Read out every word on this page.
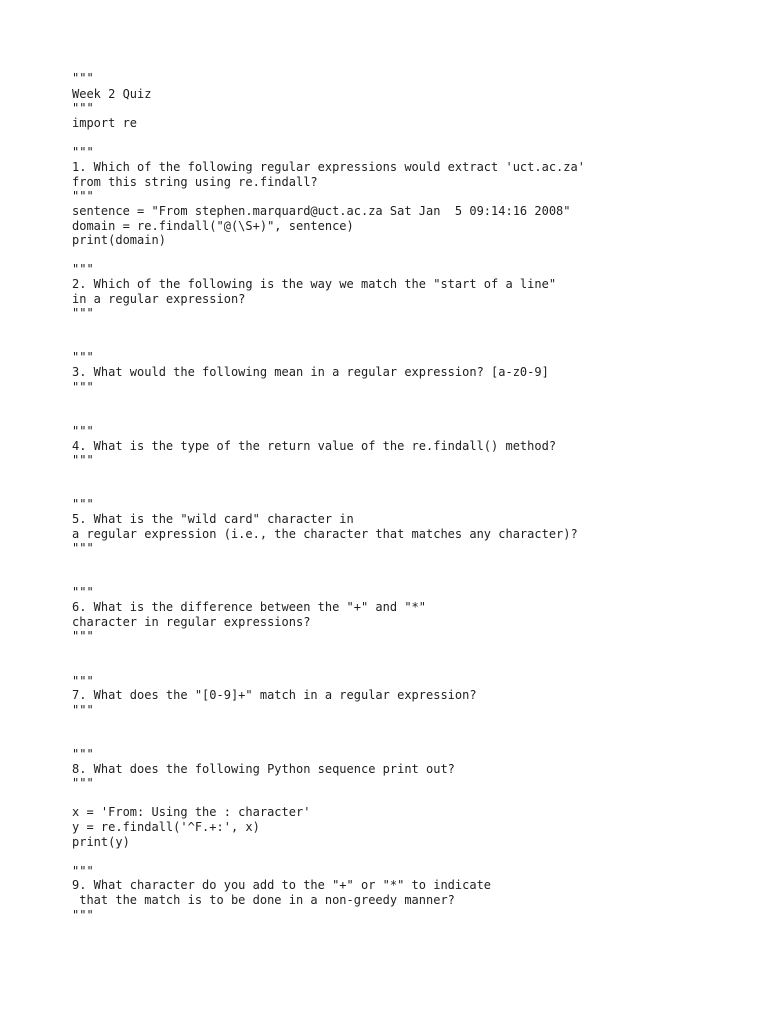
"""
Week 2 Quiz
"""
import re
"""
1. Which of the following regular expressions would extract 'uct.ac.za'
from this string using re.findall?
"""
sentence = "From stephen.marquard@uct.ac.za Sat Jan  5 09:14:16 2008"
domain = re.findall("@(\S+)", sentence)
print(domain)
"""
2. Which of the following is the way we match the "start of a line"
in a regular expression?
"""
"""
3. What would the following mean in a regular expression? [a-z0-9]
"""
"""
4. What is the type of the return value of the re.findall() method?
"""
"""
5. What is the "wild card" character in
a regular expression (i.e., the character that matches any character)?
"""
"""
6. What is the difference between the "+" and "*"
character in regular expressions?
"""
"""
7. What does the "[0-9]+" match in a regular expression?
"""
"""
8. What does the following Python sequence print out?
"""
x = 'From: Using the : character'
y = re.findall('^F.+:', x)
print(y)
"""
9. What character do you add to the "+" or "*" to indicate
that the match is to be done in a non-greedy manner?
"""
